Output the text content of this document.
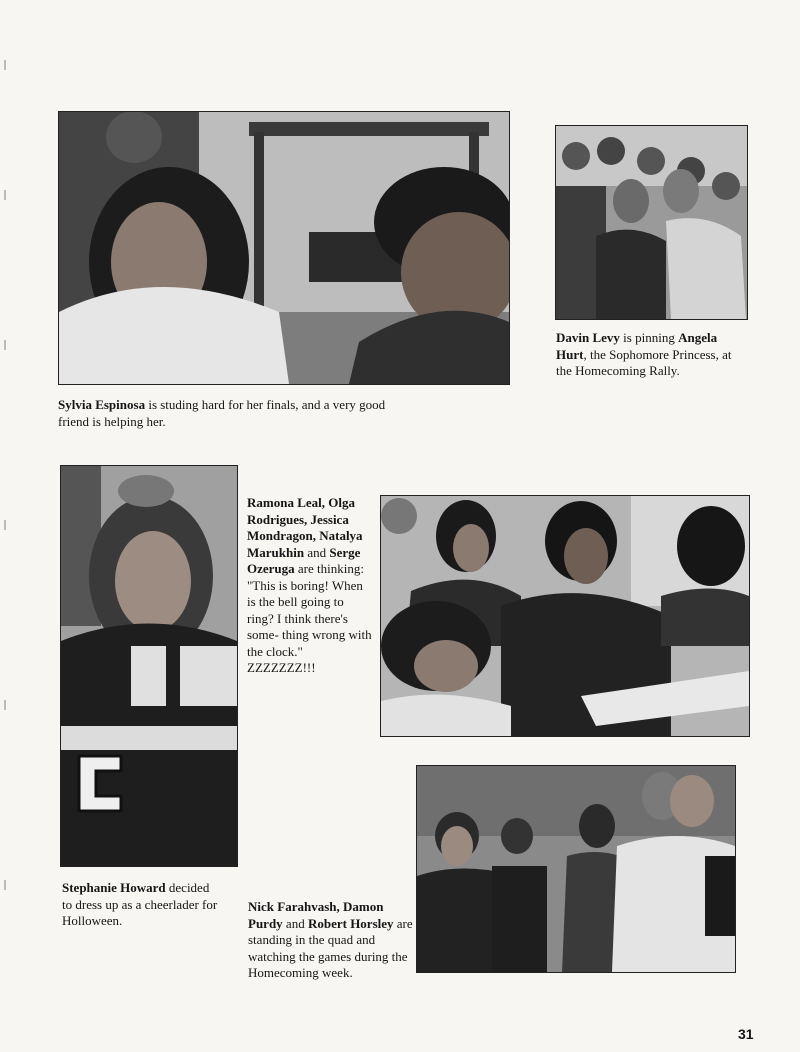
Sylvia Espinosa is studing hard for her finals, and a very good friend is helping her.
Davin Levy is pinning Angela Hurt, the Sophomore Princess, at the Homecoming Rally.
Ramona Leal, Olga Rodrigues, Jessica Mondragon, Natalya Marukhin and Serge Ozeruga are thinking: "This is boring! When is the bell going to ring? I think there's some- thing wrong with the clock." ZZZZZZZ!!!
Stephanie Howard decided to dress up as a cheerlader for Holloween.
Nick Farahvash, Damon Purdy and Robert Horsley are standing in the quad and watching the games during the Homecoming week.
31
